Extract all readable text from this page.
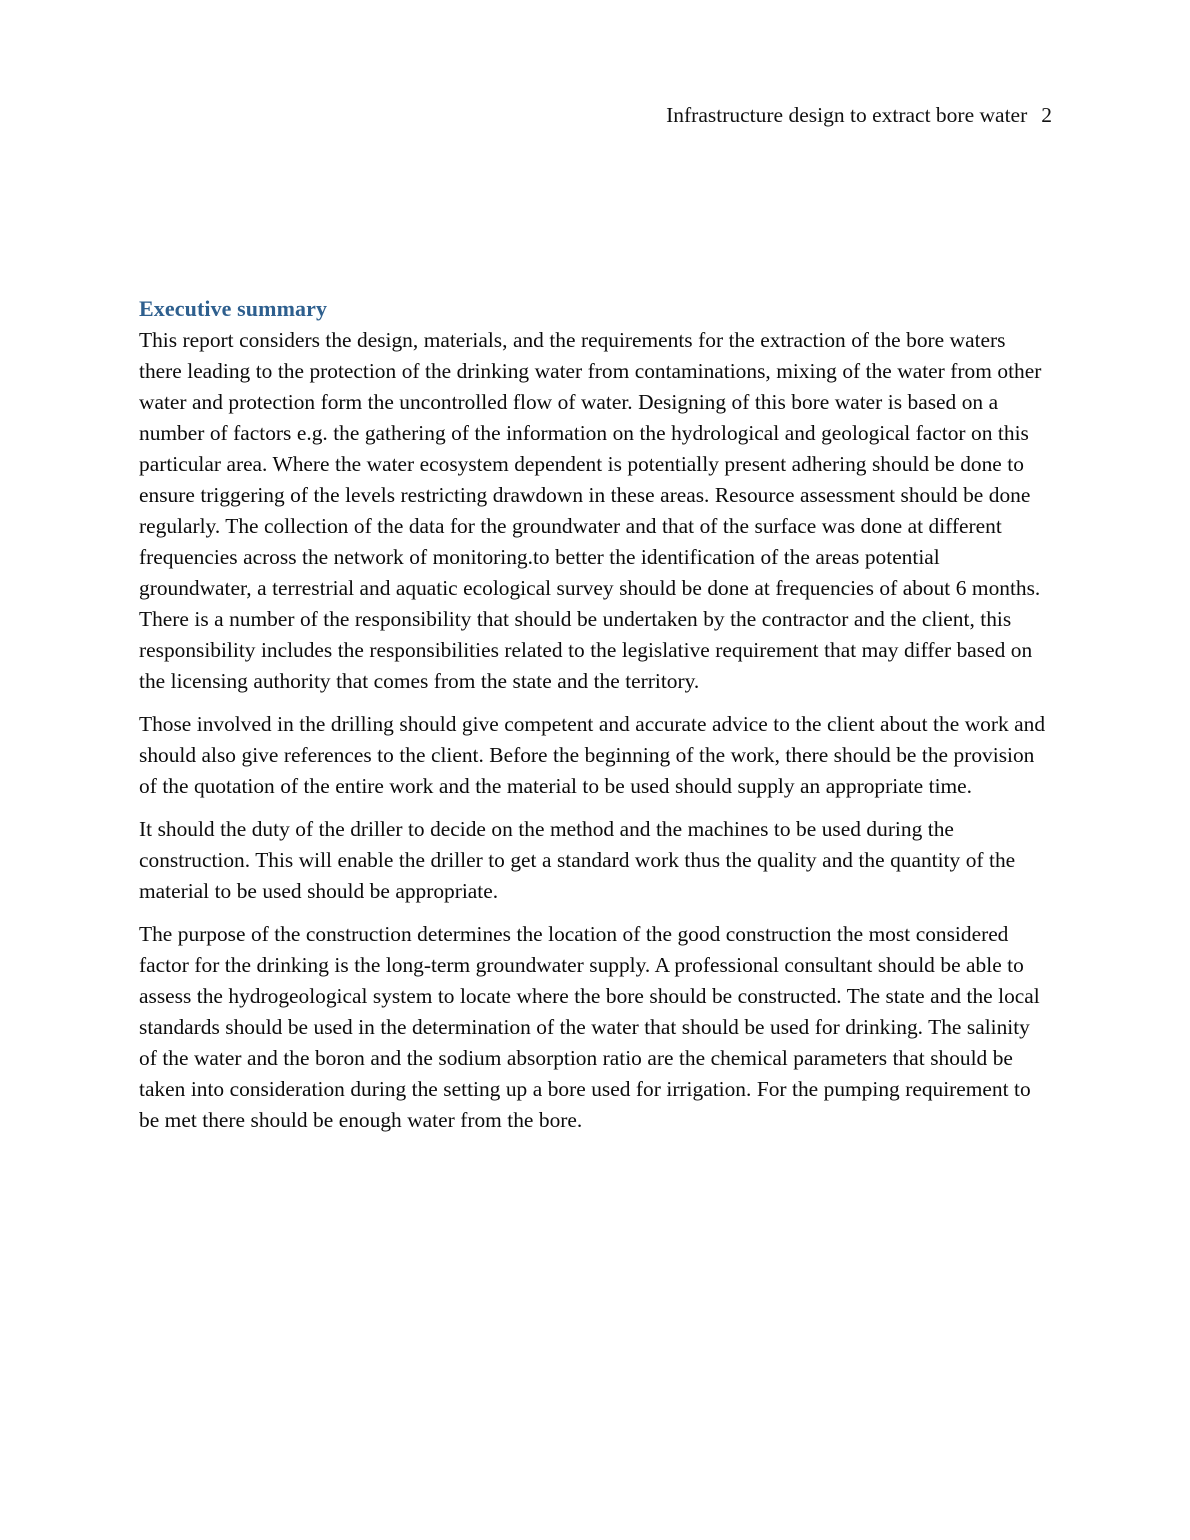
Infrastructure design to extract bore water 2

Executive summary

This report considers the design, materials, and the requirements for the extraction of the bore waters there leading to the protection of the drinking water from contaminations, mixing of the water from other water and protection form the uncontrolled flow of water. Designing of this bore water is based on a number of factors e.g. the gathering of the information on the hydrological and geological factor on this particular area. Where the water ecosystem dependent is potentially present adhering should be done to ensure triggering of the levels restricting drawdown in these areas. Resource assessment should be done regularly. The collection of the data for the groundwater and that of the surface was done at different frequencies across the network of monitoring.to better the identification of the areas potential groundwater, a terrestrial and aquatic ecological survey should be done at frequencies of about 6 months. There is a number of the responsibility that should be undertaken by the contractor and the client, this responsibility includes the responsibilities related to the legislative requirement that may differ based on the licensing authority that comes from the state and the territory.

Those involved in the drilling should give competent and accurate advice to the client about the work and should also give references to the client. Before the beginning of the work, there should be the provision of the quotation of the entire work and the material to be used should supply an appropriate time.

It should the duty of the driller to decide on the method and the machines to be used during the construction. This will enable the driller to get a standard work thus the quality and the quantity of the material to be used should be appropriate.

The purpose of the construction determines the location of the good construction the most considered factor for the drinking is the long-term groundwater supply. A professional consultant should be able to assess the hydrogeological system to locate where the bore should be constructed. The state and the local standards should be used in the determination of the water that should be used for drinking. The salinity of the water and the boron and the sodium absorption ratio are the chemical parameters that should be taken into consideration during the setting up a bore used for irrigation. For the pumping requirement to be met there should be enough water from the bore.
